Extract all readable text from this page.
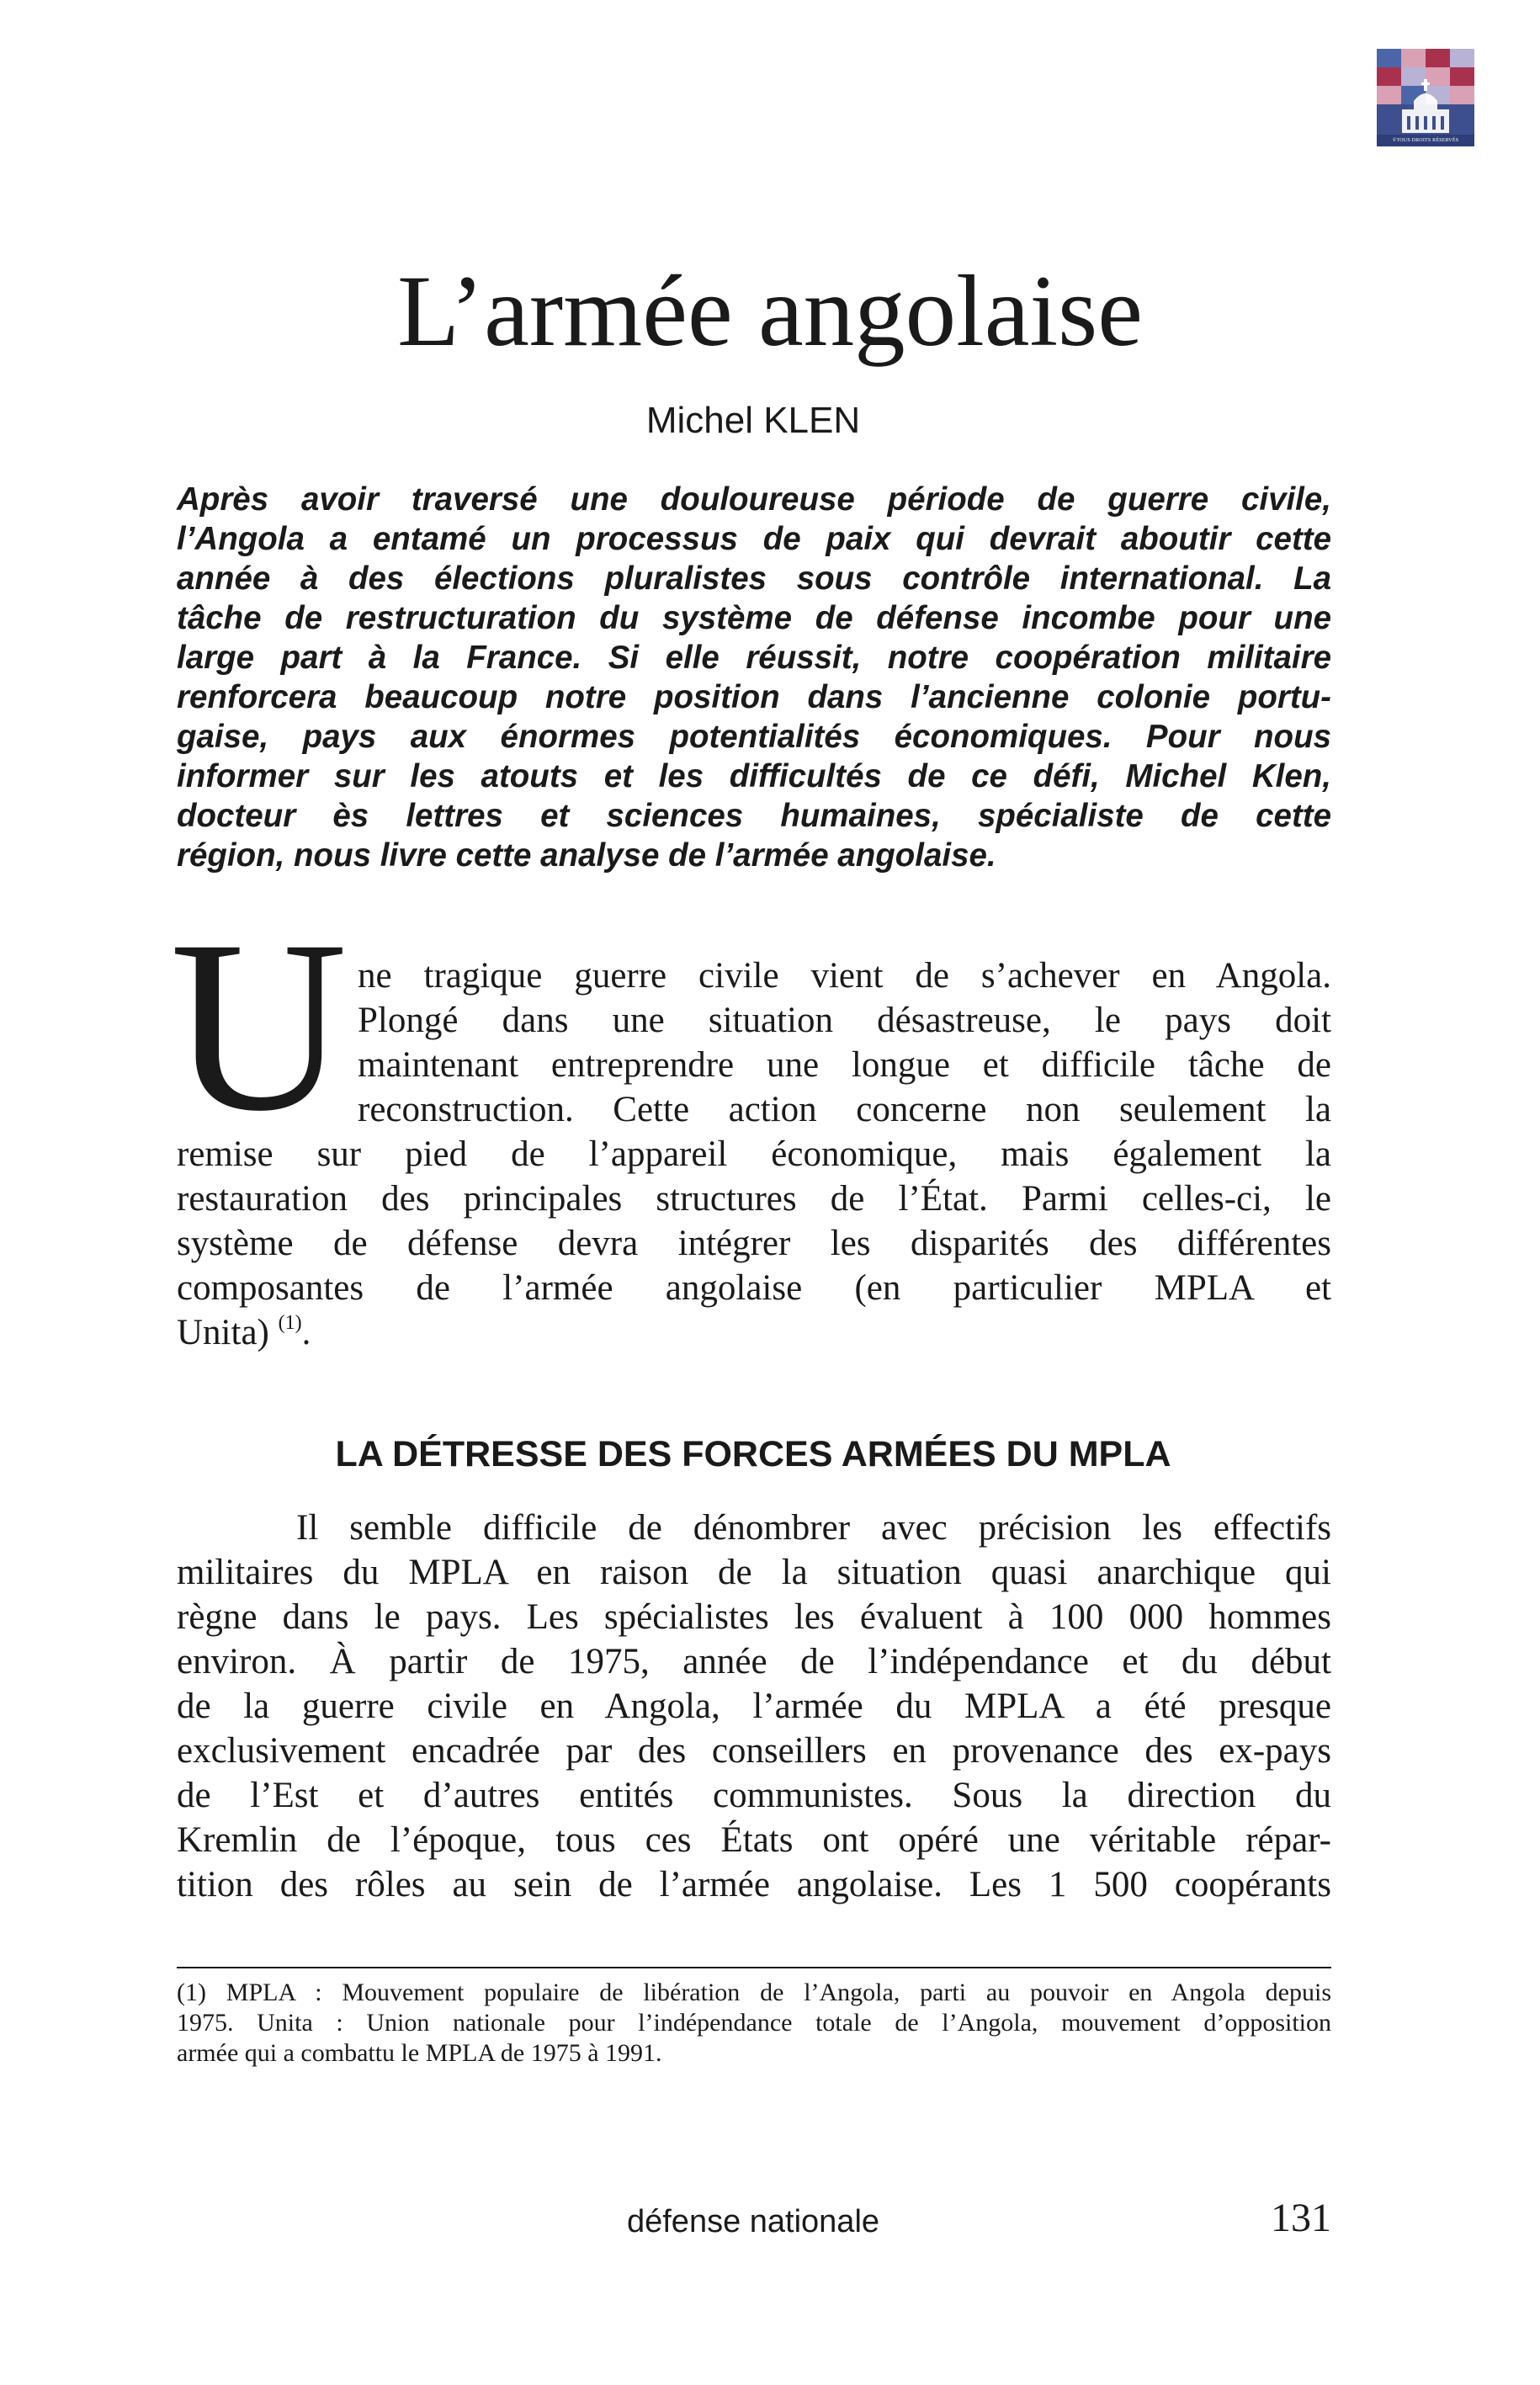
©TOUS DROITS RÉSERVÉS
L’armée angolaise
Michel KLEN
Après avoir traversé une douloureuse période de guerre civile,
l’Angola a entamé un processus de paix qui devrait aboutir cette
année à des élections pluralistes sous contrôle international. La
tâche de restructuration du système de défense incombe pour une
large part à la France. Si elle réussit, notre coopération militaire
renforcera beaucoup notre position dans l’ancienne colonie portu-
gaise, pays aux énormes potentialités économiques. Pour nous
informer sur les atouts et les difficultés de ce défi, Michel Klen,
docteur ès lettres et sciences humaines, spécialiste de cette
région, nous livre cette analyse de l’armée angolaise.
U ne tragique guerre civile vient de s’achever en Angola.
Plongé dans une situation désastreuse, le pays doit
maintenant entreprendre une longue et difficile tâche de
reconstruction. Cette action concerne non seulement la
remise sur pied de l’appareil économique, mais également la
restauration des principales structures de l’État. Parmi celles-ci, le
système de défense devra intégrer les disparités des différentes
composantes de l’armée angolaise (en particulier MPLA et
Unita) $^{(1)}$.
LA DÉTRESSE DES FORCES ARMÉES DU MPLA
Il semble difficile de dénombrer avec précision les effectifs
militaires du MPLA en raison de la situation quasi anarchique qui
règne dans le pays. Les spécialistes les évaluent à 100 000 hommes
environ. À partir de 1975, année de l’indépendance et du début
de la guerre civile en Angola, l’armée du MPLA a été presque
exclusivement encadrée par des conseillers en provenance des ex-pays
de l’Est et d’autres entités communistes. Sous la direction du
Kremlin de l’époque, tous ces États ont opéré une véritable répar-
tition des rôles au sein de l’armée angolaise. Les 1 500 coopérants
(1) MPLA : Mouvement populaire de libération de l’Angola, parti au pouvoir en Angola depuis
1975. Unita : Union nationale pour l’indépendance totale de l’Angola, mouvement d’opposition
armée qui a combattu le MPLA de 1975 à 1991.
défense nationale	131
